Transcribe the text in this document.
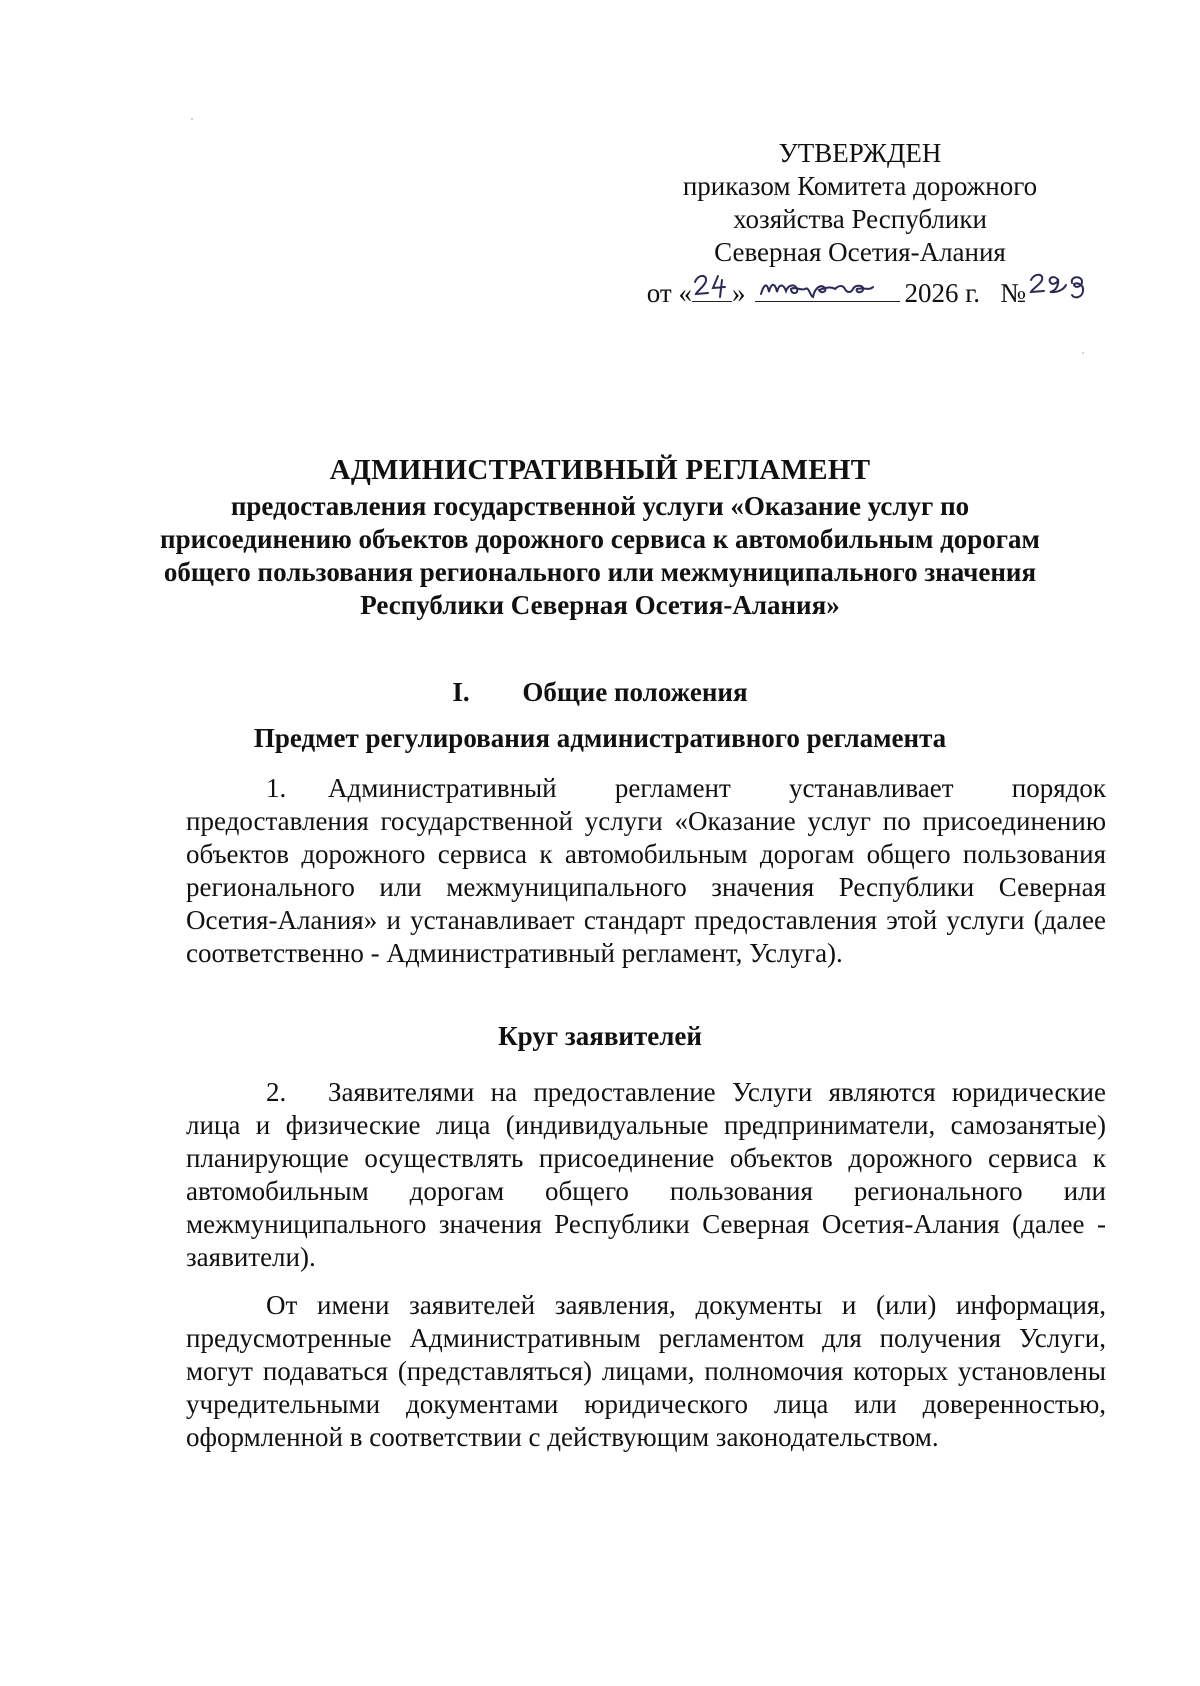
УТВЕРЖДЕН
приказом Комитета дорожного
хозяйства Республики
Северная Осетия-Алания
от « »	2026 г. №

АДМИНИСТРАТИВНЫЙ РЕГЛАМЕНТ

предоставления государственной услуги «Оказание услуг по присоединению объектов дорожного сервиса к автомобильным дорогам общего пользования регионального или межмуниципального значения Республики Северная Осетия-Алания»

I. Общие положения

Предмет регулирования административного регламента

1. Административный регламент устанавливает порядок предоставления государственной услуги «Оказание услуг по присоединению объектов дорожного сервиса к автомобильным дорогам общего пользования регионального или межмуниципального значения Республики Северная Осетия-Алания» и устанавливает стандарт предоставления этой услуги (далее соответственно - Административный регламент, Услуга).

Круг заявителей

2. Заявителями на предоставление Услуги являются юридические лица и физические лица (индивидуальные предприниматели, самозанятые) планирующие осуществлять присоединение объектов дорожного сервиса к автомобильным дорогам общего пользования регионального или межмуниципального значения Республики Северная Осетия-Алания (далее - заявители).

От имени заявителей заявления, документы и (или) информация, предусмотренные Административным регламентом для получения Услуги, могут подаваться (представляться) лицами, полномочия которых установлены учредительными документами юридического лица или доверенностью, оформленной в соответствии с действующим законодательством.
